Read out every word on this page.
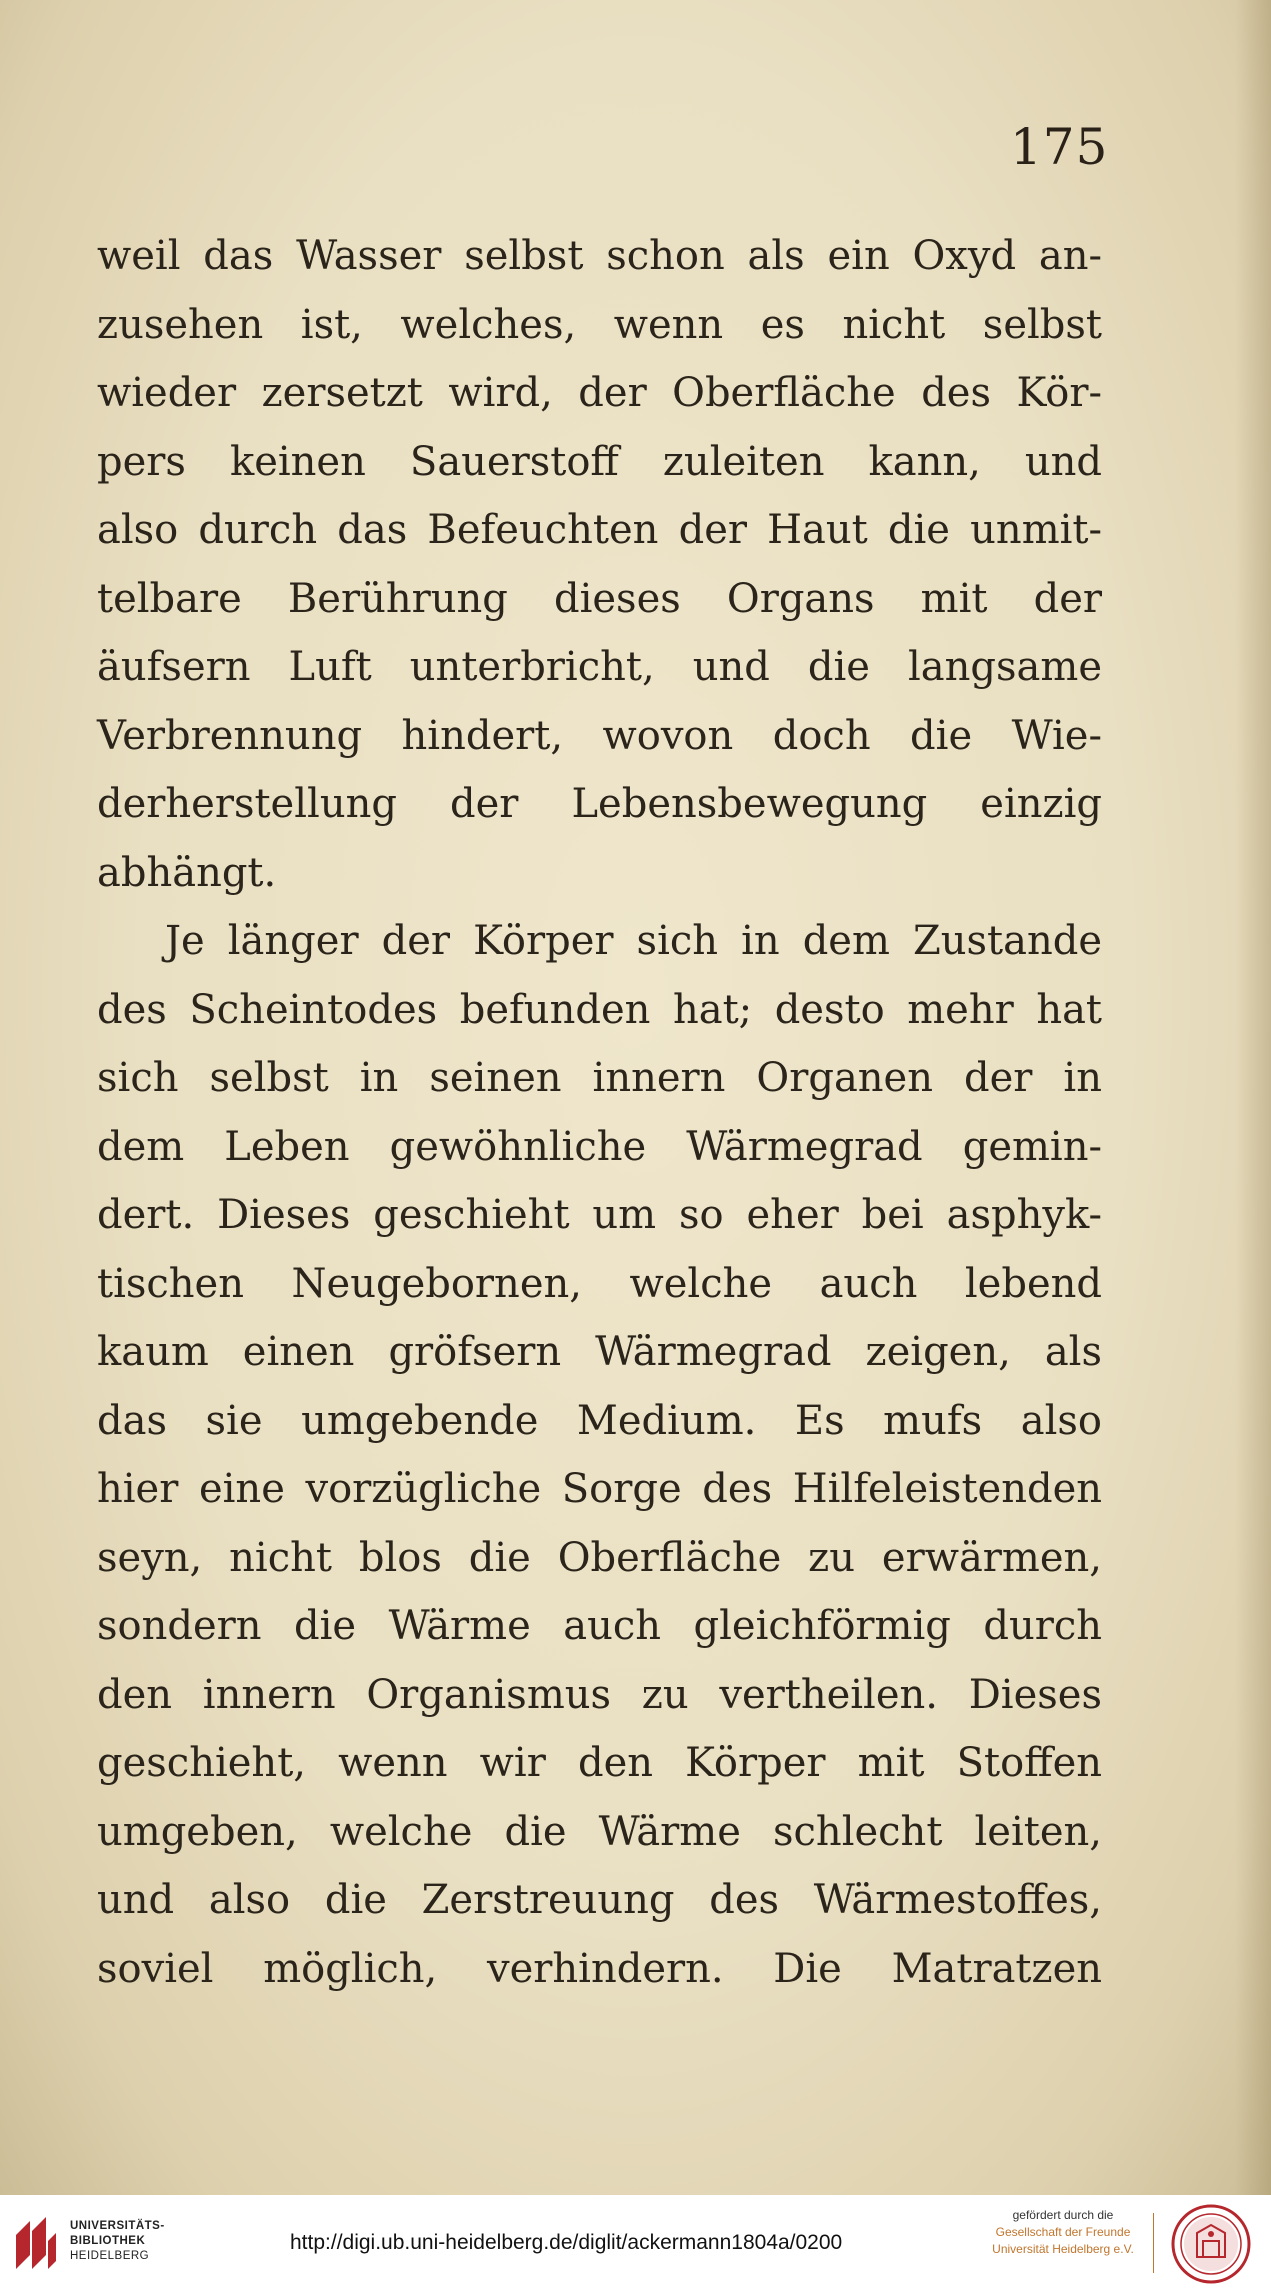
175
weil das Wasser selbst schon als ein Oxyd an-
zusehen ist, welches, wenn es nicht selbst
wieder zersetzt wird, der Oberfläche des Kör-
pers keinen Sauerstoff zuleiten kann, und
also durch das Befeuchten der Haut die unmit-
telbare Berührung dieses Organs mit der
äufsern Luft unterbricht, und die langsame
Verbrennung hindert, wovon doch die Wie-
derherstellung der Lebensbewegung einzig
abhängt.
Je länger der Körper sich in dem Zustande
des Scheintodes befunden hat; desto mehr hat
sich selbst in seinen innern Organen der in
dem Leben gewöhnliche Wärmegrad gemin-
dert. Dieses geschieht um so eher bei asphyk-
tischen Neugebornen, welche auch lebend
kaum einen gröfsern Wärmegrad zeigen, als
das sie umgebende Medium. Es mufs also
hier eine vorzügliche Sorge des Hilfeleistenden
seyn, nicht blos die Oberfläche zu erwärmen,
sondern die Wärme auch gleichförmig durch
den innern Organismus zu vertheilen. Dieses
geschieht, wenn wir den Körper mit Stoffen
umgeben, welche die Wärme schlecht leiten,
und also die Zerstreuung des Wärmestoffes,
soviel möglich, verhindern. Die Matratzen
UNIVERSITÄTS-
BIBLIOTHEK
HEIDELBERG
http://digi.ub.uni-heidelberg.de/diglit/ackermann1804a/0200
gefördert durch die
Gesellschaft der Freunde
Universität Heidelberg e.V.
